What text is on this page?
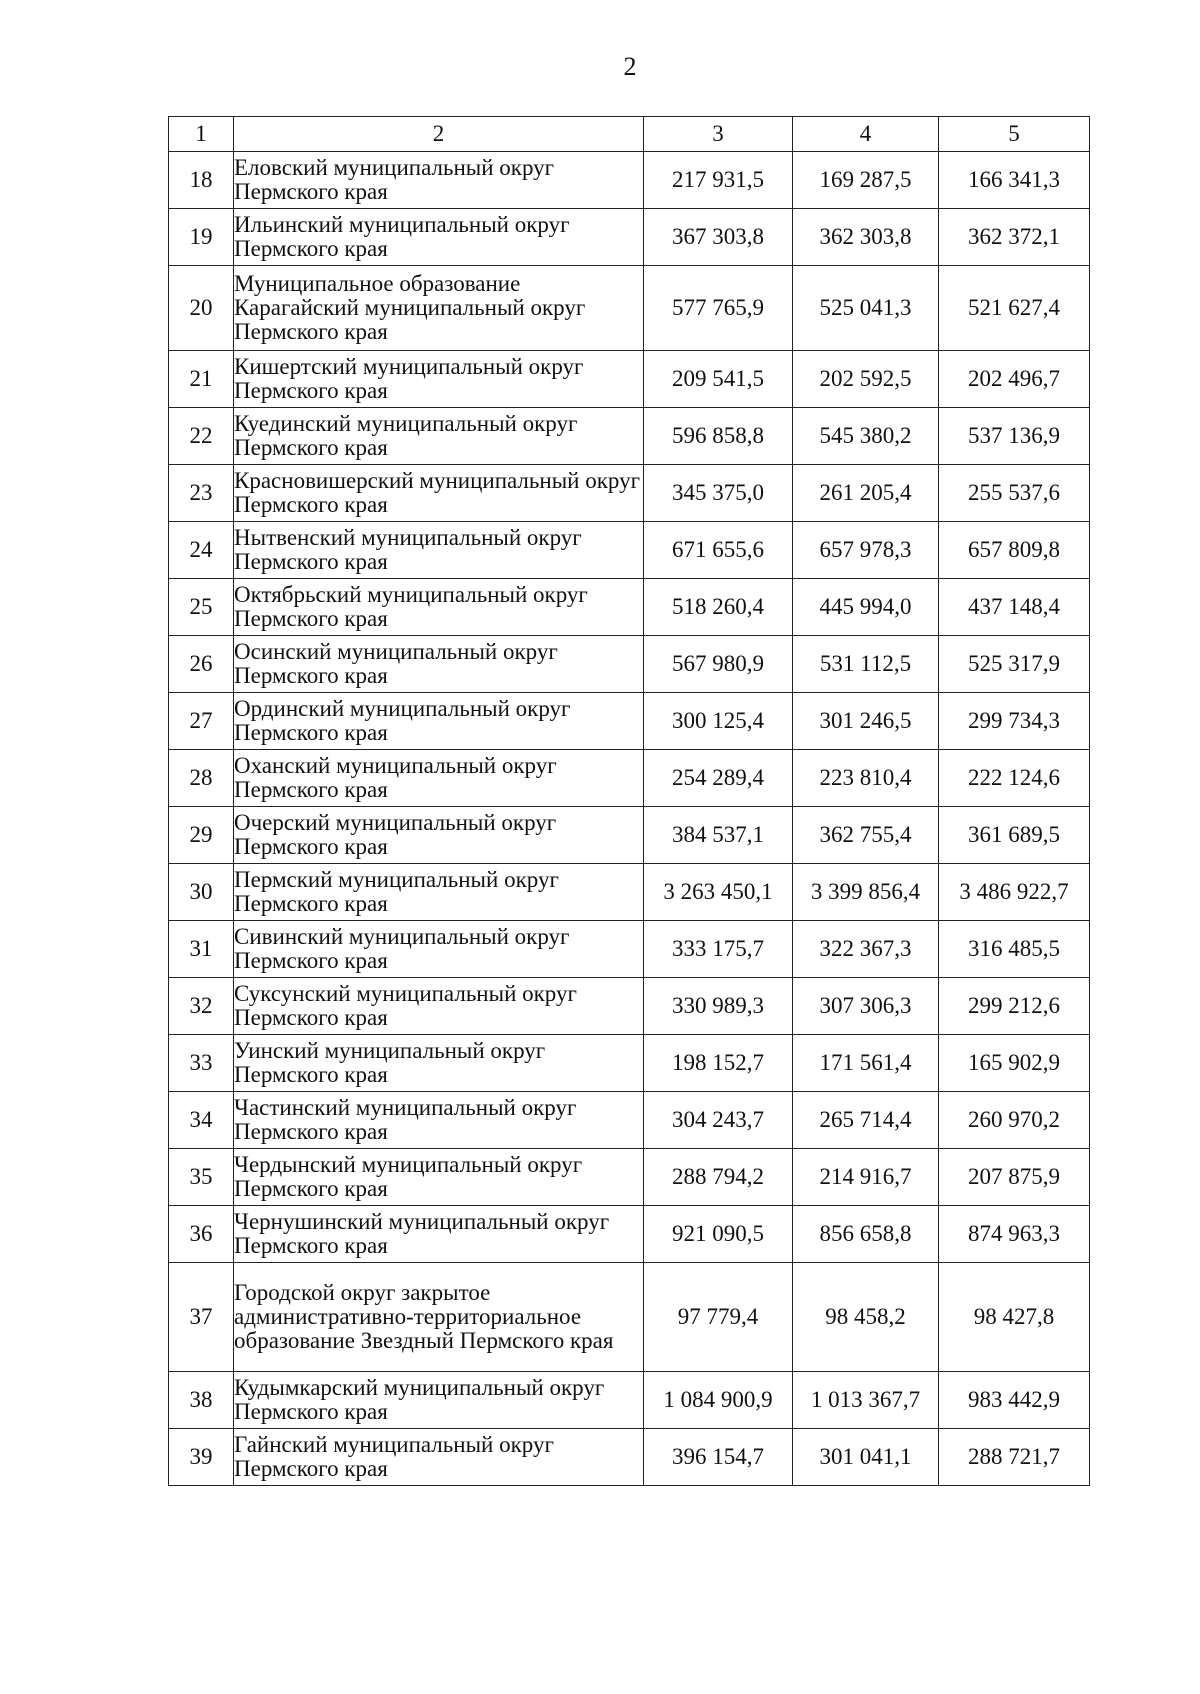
2
1	2	3	4	5
18	Еловский муниципальный округ Пермского края	217 931,5	169 287,5	166 341,3
19	Ильинский муниципальный округ Пермского края	367 303,8	362 303,8	362 372,1
20	Муниципальное образование Карагайский муниципальный округ Пермского края	577 765,9	525 041,3	521 627,4
21	Кишертский муниципальный округ Пермского края	209 541,5	202 592,5	202 496,7
22	Куединский муниципальный округ Пермского края	596 858,8	545 380,2	537 136,9
23	Красновишерский муниципальный округ Пермского края	345 375,0	261 205,4	255 537,6
24	Нытвенский муниципальный округ Пермского края	671 655,6	657 978,3	657 809,8
25	Октябрьский муниципальный округ Пермского края	518 260,4	445 994,0	437 148,4
26	Осинский муниципальный округ Пермского края	567 980,9	531 112,5	525 317,9
27	Ординский муниципальный округ Пермского края	300 125,4	301 246,5	299 734,3
28	Оханский муниципальный округ Пермского края	254 289,4	223 810,4	222 124,6
29	Очерский муниципальный округ Пермского края	384 537,1	362 755,4	361 689,5
30	Пермский муниципальный округ Пермского края	3 263 450,1	3 399 856,4	3 486 922,7
31	Сивинский муниципальный округ Пермского края	333 175,7	322 367,3	316 485,5
32	Суксунский муниципальный округ Пермского края	330 989,3	307 306,3	299 212,6
33	Уинский муниципальный округ Пермского края	198 152,7	171 561,4	165 902,9
34	Частинский муниципальный округ Пермского края	304 243,7	265 714,4	260 970,2
35	Чердынский муниципальный округ Пермского края	288 794,2	214 916,7	207 875,9
36	Чернушинский муниципальный округ Пермского края	921 090,5	856 658,8	874 963,3
37	Городской округ закрытое административно-территориальное образование Звездный Пермского края	97 779,4	98 458,2	98 427,8
38	Кудымкарский муниципальный округ Пермского края	1 084 900,9	1 013 367,7	983 442,9
39	Гайнский муниципальный округ Пермского края	396 154,7	301 041,1	288 721,7
